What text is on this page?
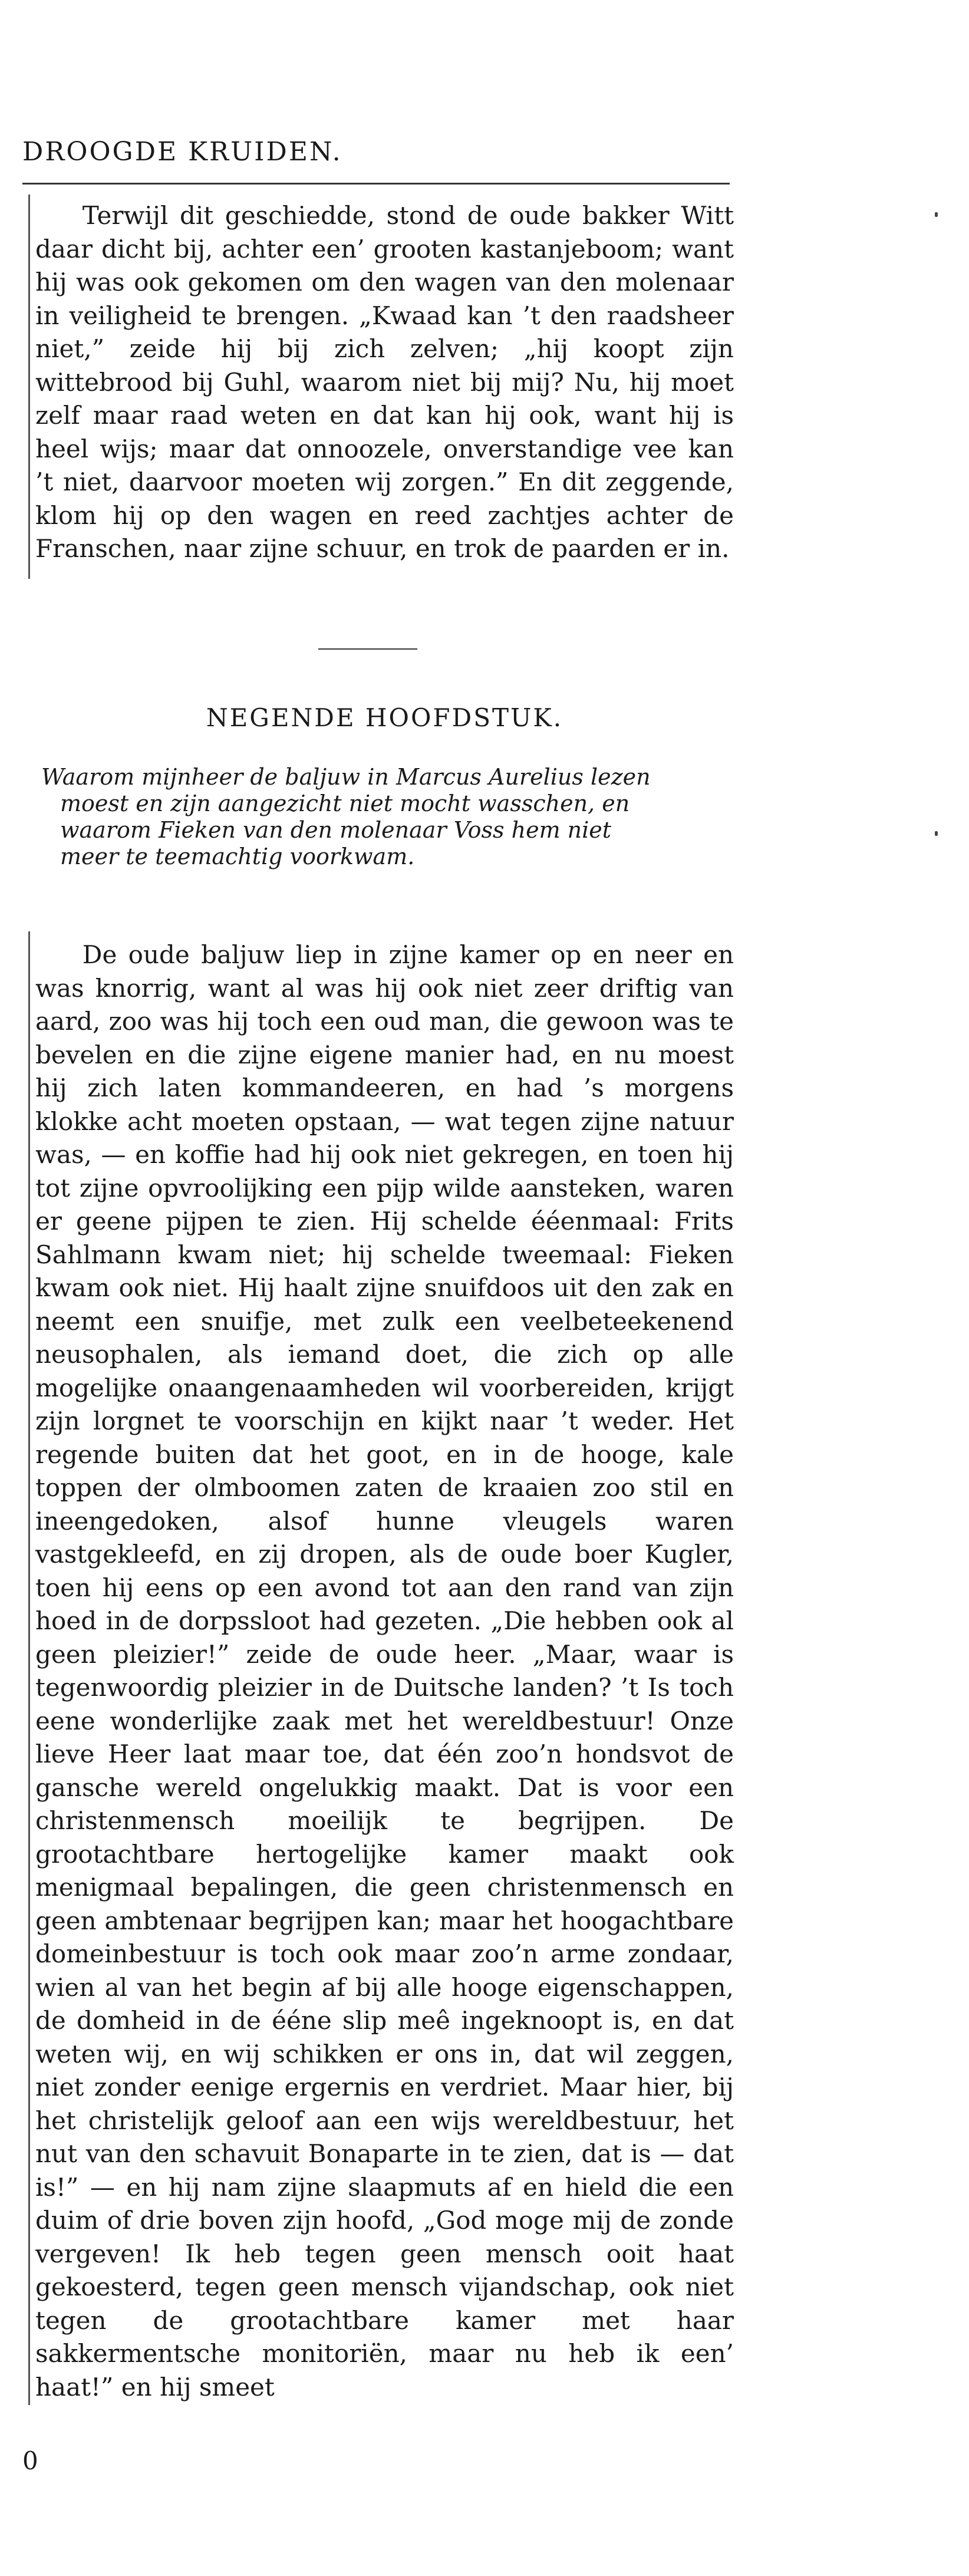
DROOGDE KRUIDEN.

Terwijl dit geschiedde, stond de oude bakker Witt daar dicht bij, achter een’ grooten kastanjeboom; want hij was ook gekomen om den wagen van den molenaar in veiligheid te brengen. „Kwaad kan ’t den raadsheer niet,” zeide hij bij zich zelven; „hij koopt zijn wittebrood bij Guhl, waarom niet bij mij? Nu, hij moet zelf maar raad weten en dat kan hij ook, want hij is heel wijs; maar dat onnoozele, onverstandige vee kan ’t niet, daarvoor moeten wij zorgen.” En dit zeggende, klom hij op den wagen en reed zachtjes achter de Franschen, naar zijne schuur, en trok de paarden er in.

NEGENDE HOOFDSTUK.
Waarom mijnheer de baljuw in Marcus Aurelius lezen
moest en zijn aangezicht niet mocht wasschen, en
waarom Fieken van den molenaar Voss hem niet
meer te teemachtig voorkwam.

De oude baljuw liep in zijne kamer op en neer en was knorrig, want al was hij ook niet zeer driftig van aard, zoo was hij toch een oud man, die gewoon was te bevelen en die zijne eigene manier had, en nu moest hij zich laten kommandeeren, en had ’s morgens klokke acht moeten opstaan, — wat tegen zijne natuur was, — en koffie had hij ook niet gekregen, en toen hij tot zijne opvroolijking een pijp wilde aansteken, waren er geene pijpen te zien. Hij schelde ééenmaal: Frits Sahlmann kwam niet; hij schelde tweemaal: Fieken kwam ook niet. Hij haalt zijne snuifdoos uit den zak en neemt een snuifje, met zulk een veelbeteekenend neusophalen, als iemand doet, die zich op alle mogelijke onaangenaamheden wil voorbereiden, krijgt zijn lorgnet te voorschijn en kijkt naar ’t weder. Het regende buiten dat het goot, en in de hooge, kale toppen der olmboomen zaten de kraaien zoo stil en ineengedoken, alsof hunne vleugels waren vastgekleefd, en zij dropen, als de oude boer Kugler, toen hij eens op een avond tot aan den rand van zijn hoed in de dorpssloot had gezeten. „Die hebben ook al geen pleizier!” zeide de oude heer. „Maar, waar is tegenwoordig pleizier in de Duitsche landen? ’t Is toch eene wonderlijke zaak met het wereldbestuur! Onze lieve Heer laat maar toe, dat één zoo’n hondsvot de gansche wereld ongelukkig maakt. Dat is voor een christenmensch moeilijk te begrijpen. De grootachtbare hertogelijke kamer maakt ook menigmaal bepalingen, die geen christenmensch en geen ambtenaar begrijpen kan; maar het hoogachtbare domeinbestuur is toch ook maar zoo’n arme zondaar, wien al van het begin af bij alle hooge eigenschappen, de domheid in de ééne slip meê ingeknoopt is, en dat weten wij, en wij schikken er ons in, dat wil zeggen, niet zonder eenige ergernis en verdriet. Maar hier, bij het christelijk geloof aan een wijs wereldbestuur, het nut van den schavuit Bonaparte in te zien, dat is — dat is!” — en hij nam zijne slaapmuts af en hield die een duim of drie boven zijn hoofd, „God moge mij de zonde vergeven! Ik heb tegen geen mensch ooit haat gekoesterd, tegen geen mensch vijandschap, ook niet tegen de grootachtbare kamer met haar sakkermentsche monitoriën, maar nu heb ik een’ haat!” en hij smeet

0
